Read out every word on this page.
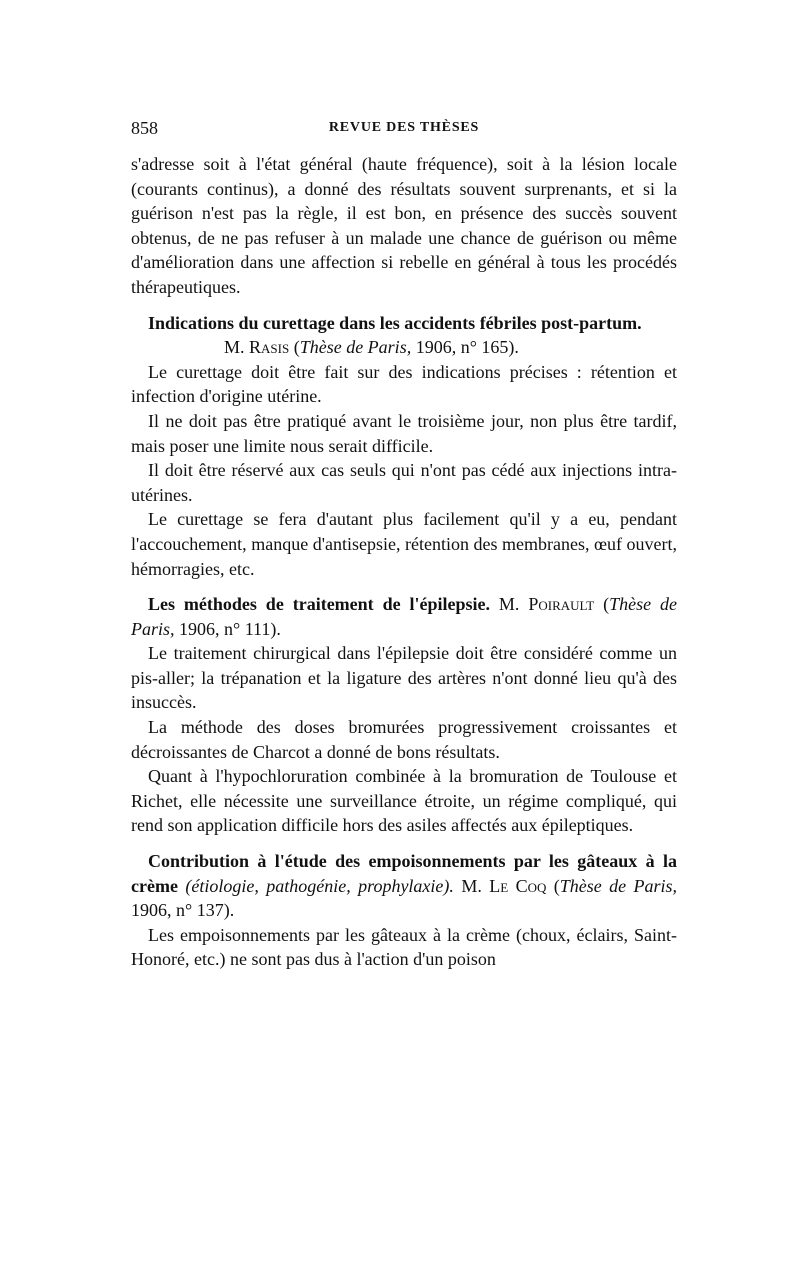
858	REVUE DES THÈSES

s'adresse soit à l'état général (haute fréquence), soit à la lésion locale (courants continus), a donné des résultats souvent surprenants, et si la guérison n'est pas la règle, il est bon, en présence des succès souvent obtenus, de ne pas refuser à un malade une chance de guérison ou même d'amélioration dans une affection si rebelle en général à tous les procédés thérapeutiques.

Indications du curettage dans les accidents fébriles post-partum.

M. Rasis (Thèse de Paris, 1906, n° 165).

Le curettage doit être fait sur des indications précises : rétention et infection d'origine utérine.

Il ne doit pas être pratiqué avant le troisième jour, non plus être tardif, mais poser une limite nous serait difficile.

Il doit être réservé aux cas seuls qui n'ont pas cédé aux injections intra-utérines.

Le curettage se fera d'autant plus facilement qu'il y a eu, pendant l'accouchement, manque d'antisepsie, rétention des membranes, œuf ouvert, hémorragies, etc.

Les méthodes de traitement de l'épilepsie. M. Poirault (Thèse de Paris, 1906, n° 111).

Le traitement chirurgical dans l'épilepsie doit être considéré comme un pis-aller; la trépanation et la ligature des artères n'ont donné lieu qu'à des insuccès.

La méthode des doses bromurées progressivement croissantes et décroissantes de Charcot a donné de bons résultats.

Quant à l'hypochloruration combinée à la bromuration de Toulouse et Richet, elle nécessite une surveillance étroite, un régime compliqué, qui rend son application difficile hors des asiles affectés aux épileptiques.

Contribution à l'étude des empoisonnements par les gâteaux à la crème (étiologie, pathogénie, prophylaxie). M. Le Coq (Thèse de Paris, 1906, n° 137).

Les empoisonnements par les gâteaux à la crème (choux, éclairs, Saint-Honoré, etc.) ne sont pas dus à l'action d'un poison
